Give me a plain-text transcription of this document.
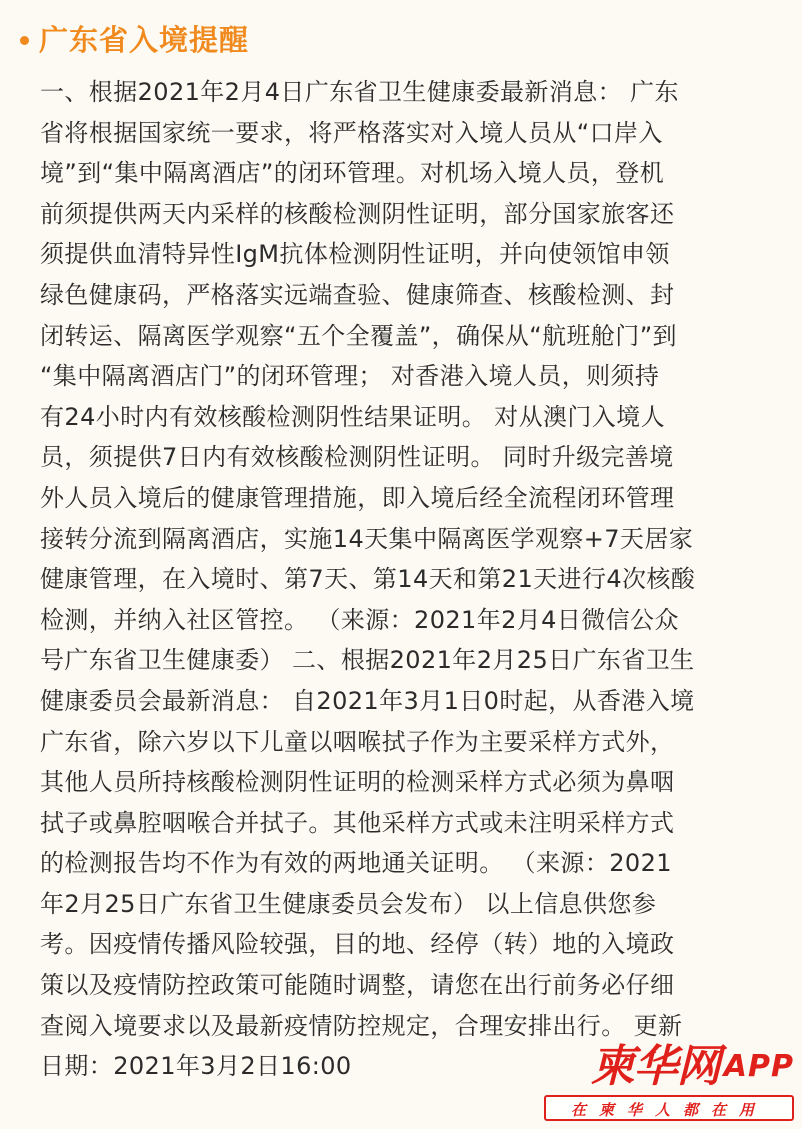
广东省入境提醒
一、根据2021年2月4日广东省卫生健康委最新消息： 广东
省将根据国家统一要求，将严格落实对入境人员从“口岸入
境”到“集中隔离酒店”的闭环管理。对机场入境人员，登机
前须提供两天内采样的核酸检测阴性证明，部分国家旅客还
须提供血清特异性IgM抗体检测阴性证明，并向使领馆申领
绿色健康码，严格落实远端查验、健康筛查、核酸检测、封
闭转运、隔离医学观察“五个全覆盖”，确保从“航班舱门”到
“集中隔离酒店门”的闭环管理； 对香港入境人员，则须持
有24小时内有效核酸检测阴性结果证明。 对从澳门入境人
员，须提供7日内有效核酸检测阴性证明。 同时升级完善境
外人员入境后的健康管理措施，即入境后经全流程闭环管理
接转分流到隔离酒店，实施14天集中隔离医学观察+7天居家
健康管理，在入境时、第7天、第14天和第21天进行4次核酸
检测，并纳入社区管控。 （来源：2021年2月4日微信公众
号广东省卫生健康委） 二、根据2021年2月25日广东省卫生
健康委员会最新消息： 自2021年3月1日0时起，从香港入境
广东省，除六岁以下儿童以咽喉拭子作为主要采样方式外，
其他人员所持核酸检测阴性证明的检测采样方式必须为鼻咽
拭子或鼻腔咽喉合并拭子。其他采样方式或未注明采样方式
的检测报告均不作为有效的两地通关证明。 （来源：2021
年2月25日广东省卫生健康委员会发布） 以上信息供您参
考。因疫情传播风险较强，目的地、经停（转）地的入境政
策以及疫情防控政策可能随时调整，请您在出行前务必仔细
查阅入境要求以及最新疫情防控规定，合理安排出行。 更新
日期：2021年3月2日16:00	柬华网 APP
在柬华人都在用
